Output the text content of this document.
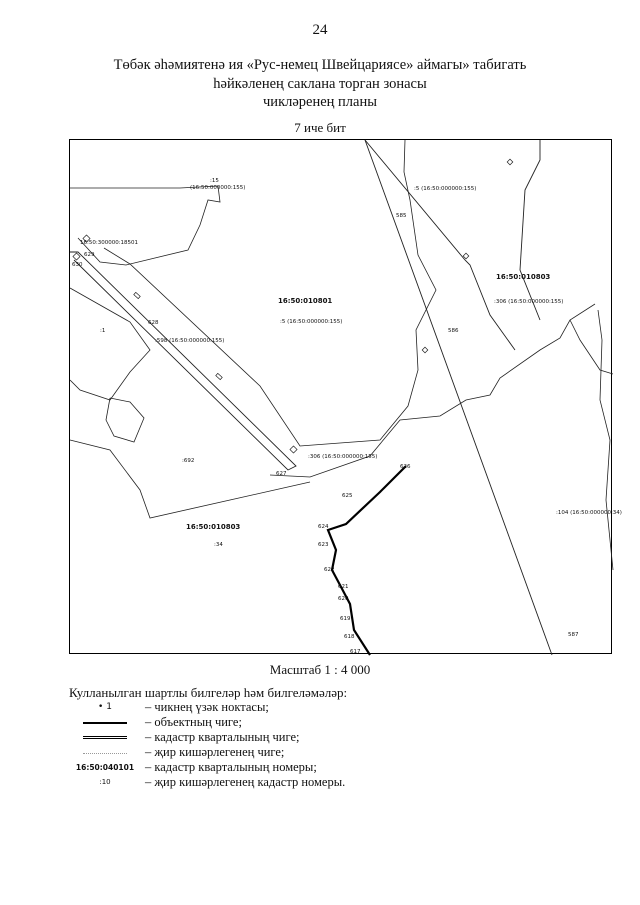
24
Төбәк әһәмиятенә ия «Рус-немец Швейцариясе» аймагы» табигать
һәйкәленең саклана торган зонасы
чикләренең планы
7 иче бит
16:50:300000:18501
:15
(16:50:000000:155)	:5 (16:50:000000:155)
585
629
630
16:50:010803
:306 (16:50:000000:155)
16:50:010801
:5 (16:50:000000:155)
628
:1
:598 (16:50:000000:155)
586
:306 (16:50:000000:155)
:692
626
627
625
624
16:50:010803
:34	623
:104 (16:50:000000:34)
622
621
620
619
618	587
617
Масштаб 1 : 4 000
Кулланылган шартлы билгеләр һәм билгеләмәләр:
• 1	– чикнең үзәк ноктасы;
– объектның чиге;
– кадастр кварталының чиге;
– җир кишәрлегенең чиге;
16:50:040101 – кадастр кварталының номеры;
:10	– җир кишәрлегенең кадастр номеры.
